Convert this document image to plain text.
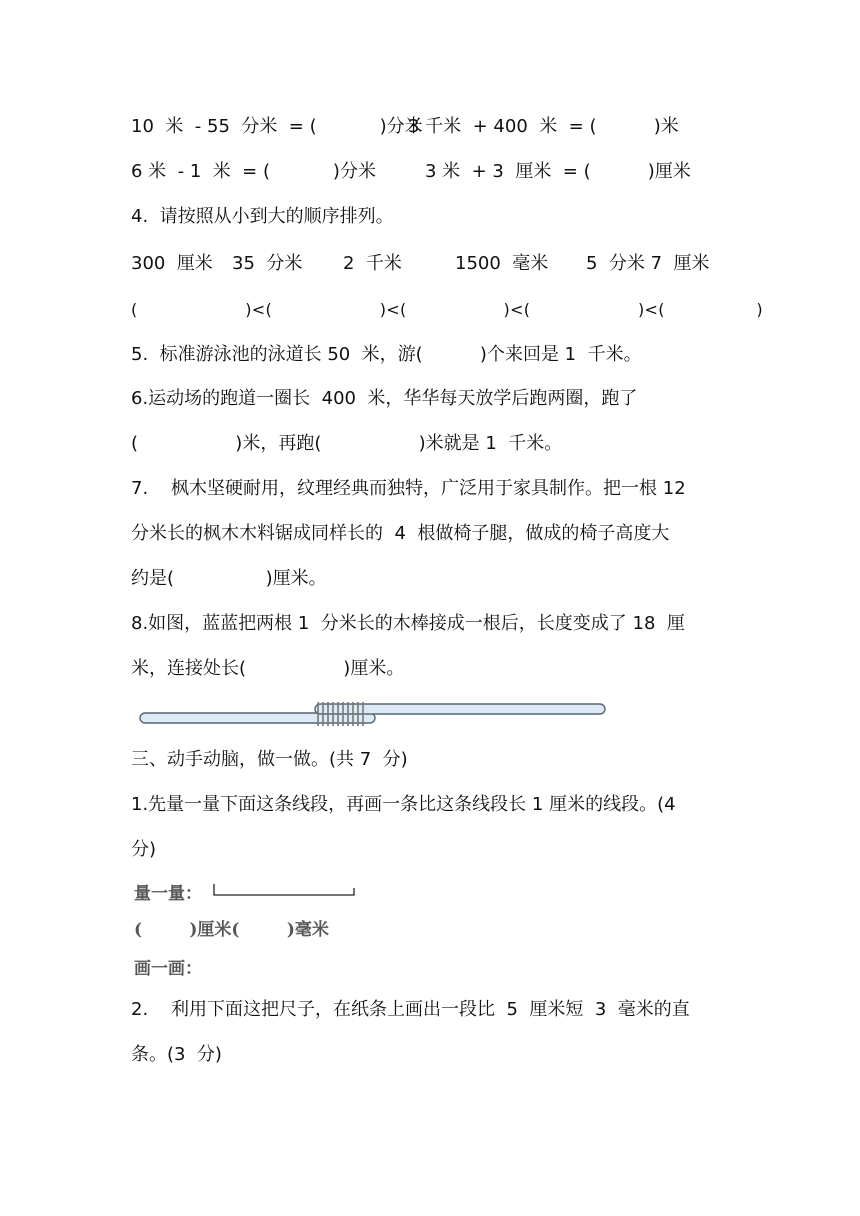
10  米  - 55  分米  = (           )分米
3 千米  + 400  米  = (          )米
6 米  - 1  米  = (           )分米	3 米  + 3  厘米  = (          )厘米
4.  请按照从小到大的顺序排列。
300  厘米 35  分米 2  千米	1500  毫米 5  分米 7  厘米
(                    )<(                    )<(                  )<(                    )<(                 )
5.  标准游泳池的泳道长 50  米，游(          )个来回是 1  千米。
6.运动场的跑道一圈长  400  米，华华每天放学后跑两圈，跑了
(                 )米，再跑(                 )米就是 1  千米。
7.    枫木坚硬耐用，纹理经典而独特，广泛用于家具制作。把一根 12
分米长的枫木木料锯成同样长的  4  根做椅子腿，做成的椅子高度大
约是(                )厘米。
8.如图，蓝蓝把两根 1  分米长的木棒接成一根后，长度变成了 18  厘
米，连接处长(                 )厘米。
三、动手动脑，做一做。(共 7  分)
1.先量一量下面这条线段，再画一条比这条线段长 1 厘米的线段。(4
分)
量一量：
(        )厘米(        )毫米
画一画：
2.    利用下面这把尺子，在纸条上画出一段比  5  厘米短  3  毫米的直
条。(3  分)
